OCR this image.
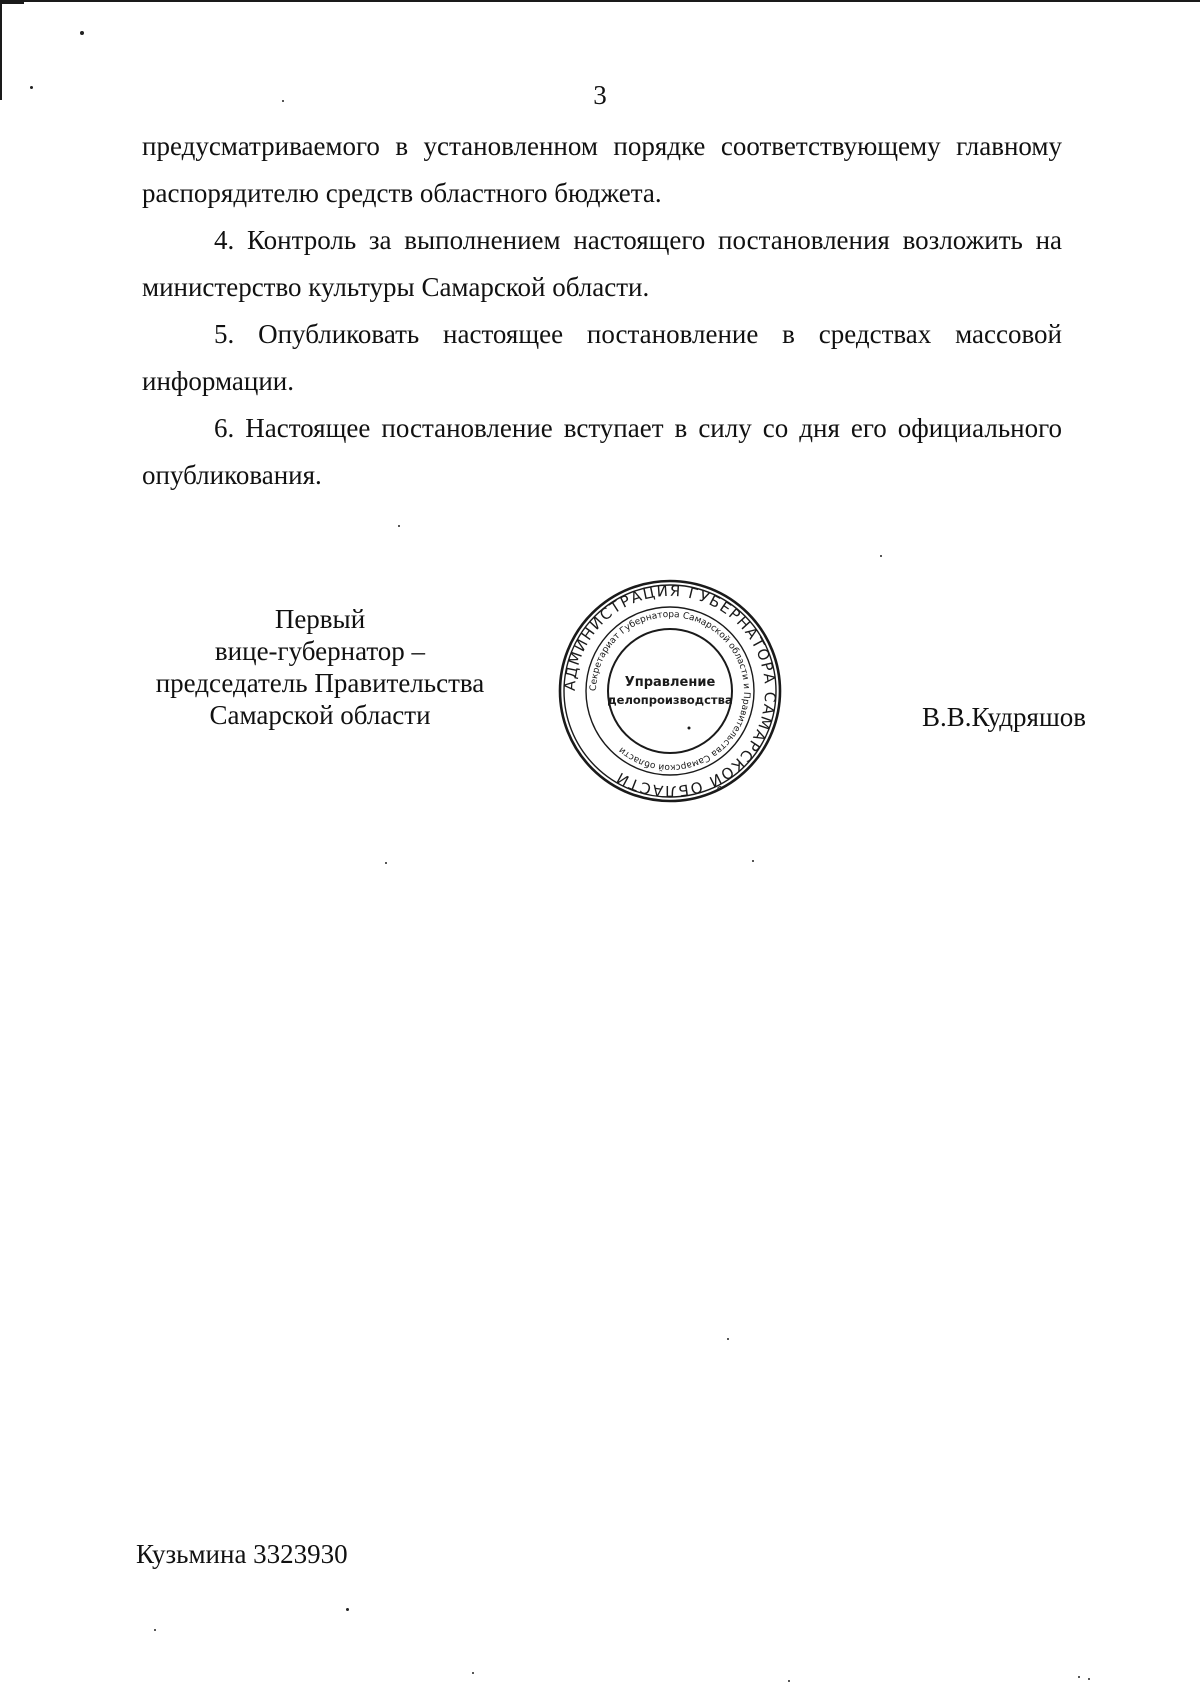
3

предусматриваемого в установленном порядке соответствующему главному распорядителю средств областного бюджета.

4. Контроль за выполнением настоящего постановления возложить на министерство культуры Самарской области.

5. Опубликовать настоящее постановление в средствах массовой информации.

6. Настоящее постановление вступает в силу со дня его официального опубликования.

Первый
вице-губернатор –
председатель Правительства
Самарской области
АДМИНИСТРАЦИЯ ГУБЕРНАТОРА САМАРСКОЙ ОБЛАСТИ
Секретариат Губернатора Самарской области и Правительства Самарской области
Управление
делопроизводства
В.В.Кудряшов
Кузьмина 3323930
